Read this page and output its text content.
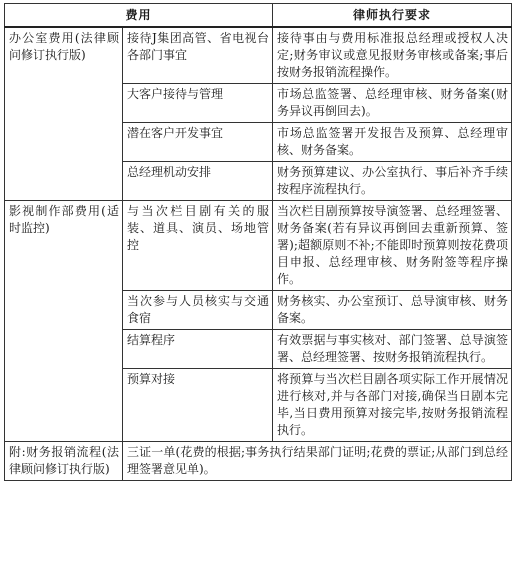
费用		律师执行要求
办公室费用(法律顾问修订执行版)	接待J集团高管、省电视台各部门事宜	接待事由与费用标准报总经理或授权人决定;财务审议或意见报财务审核或备案;事后按财务报销流程操作。
	大客户接待与管理	市场总监签署、总经理审核、财务备案(财务异议再倒回去)。
	潜在客户开发事宜	市场总监签署开发报告及预算、总经理审核、财务备案。
	总经理机动安排	财务预算建议、办公室执行、事后补齐手续按程序流程执行。
影视制作部费用(适时监控)	与当次栏目剧有关的服装、道具、演员、场地管控	当次栏目剧预算按导演签署、总经理签署、财务备案(若有异议再倒回去重新预算、签署);超额原则不补;不能即时预算则按花费项目申报、总经理审核、财务附签等程序操作。
	当次参与人员核实与交通食宿	财务核实、办公室预订、总导演审核、财务备案。
	结算程序	有效票据与事实核对、部门签署、总导演签署、总经理签署、按财务报销流程执行。
	预算对接	将预算与当次栏目剧各项实际工作开展情况进行核对,并与各部门对接,确保当日剧本完毕,当日费用预算对接完毕,按财务报销流程执行。
附:财务报销流程(法律顾问修订执行版)	三证一单(花费的根据;事务执行结果部门证明;花费的票证;从部门到总经理签署意见单)。	
